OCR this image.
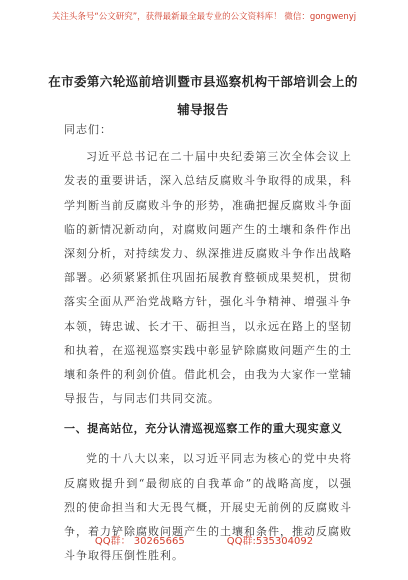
关注头条号“公文研究”，获得最新最全最专业的公文资料库！ 微信：gongwenyj
在市委第六轮巡前培训暨市县巡察机构干部培训会上的辅导报告

同志们：

习近平总书记在二十届中央纪委第三次全体会议上发表的重要讲话，深入总结反腐败斗争取得的成果，科学判断当前反腐败斗争的形势，准确把握反腐败斗争面临的新情况新动向，对腐败问题产生的土壤和条件作出深刻分析，对持续发力、纵深推进反腐败斗争作出战略部署。必须紧紧抓住巩固拓展教育整顿成果契机，贯彻落实全面从严治党战略方针，强化斗争精神、增强斗争本领，铸忠诚、长才干、砺担当，以永远在路上的坚韧和执着，在巡视巡察实践中彰显铲除腐败问题产生的土壤和条件的利剑价值。借此机会，由我为大家作一堂辅导报告，与同志们共同交流。

一、提高站位，充分认清巡视巡察工作的重大现实意义

党的十八大以来，以习近平同志为核心的党中央将反腐败提升到“最彻底的自我革命”的战略高度，以强烈的使命担当和大无畏气概，开展史无前例的反腐败斗争，着力铲除腐败问题产生的土壤和条件，推动反腐败斗争取得压倒性胜利。

QQ群： 30265665	QQ群:535304092
